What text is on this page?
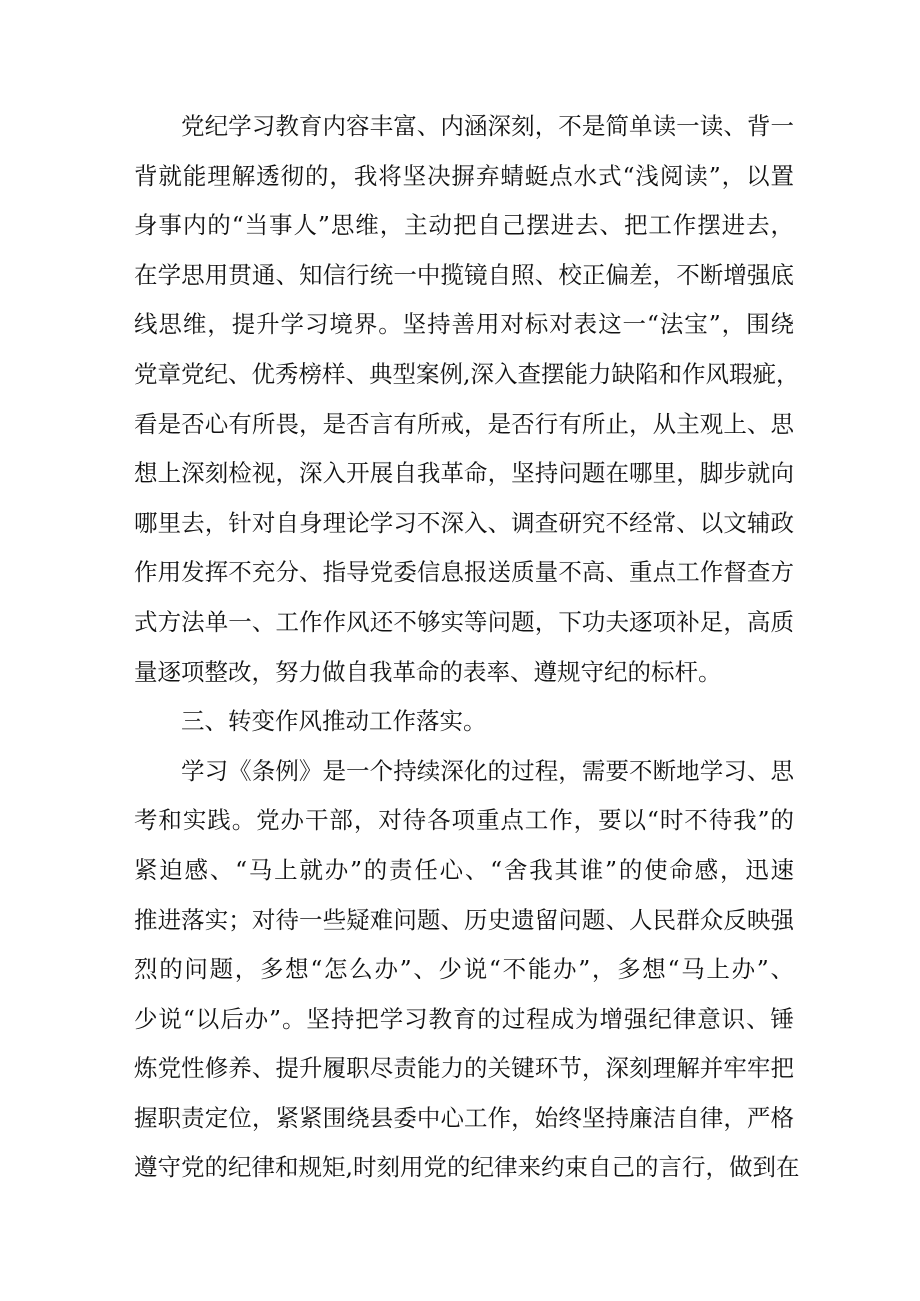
党纪学习教育内容丰富、内涵深刻，不是简单读一读、背一
背就能理解透彻的，我将坚决摒弃蜻蜓点水式“浅阅读”，以置
身事内的“当事人”思维，主动把自己摆进去、把工作摆进去，
在学思用贯通、知信行统一中揽镜自照、校正偏差，不断增强底
线思维，提升学习境界。坚持善用对标对表这一“法宝”，围绕
党章党纪、优秀榜样、典型案例,深入查摆能力缺陷和作风瑕疵，
看是否心有所畏，是否言有所戒，是否行有所止，从主观上、思
想上深刻检视，深入开展自我革命，坚持问题在哪里，脚步就向
哪里去，针对自身理论学习不深入、调查研究不经常、以文辅政
作用发挥不充分、指导党委信息报送质量不高、重点工作督查方
式方法单一、工作作风还不够实等问题，下功夫逐项补足，高质
量逐项整改，努力做自我革命的表率、遵规守纪的标杆。
三、转变作风推动工作落实。
学习《条例》是一个持续深化的过程，需要不断地学习、思
考和实践。党办干部，对待各项重点工作，要以“时不待我”的
紧迫感、“马上就办”的责任心、“舍我其谁”的使命感，迅速
推进落实；对待一些疑难问题、历史遗留问题、人民群众反映强
烈的问题，多想“怎么办”、少说“不能办”，多想“马上办”、
少说“以后办”。坚持把学习教育的过程成为增强纪律意识、锤
炼党性修养、提升履职尽责能力的关键环节，深刻理解并牢牢把
握职责定位，紧紧围绕县委中心工作，始终坚持廉洁自律，严格
遵守党的纪律和规矩,时刻用党的纪律来约束自己的言行，做到在
